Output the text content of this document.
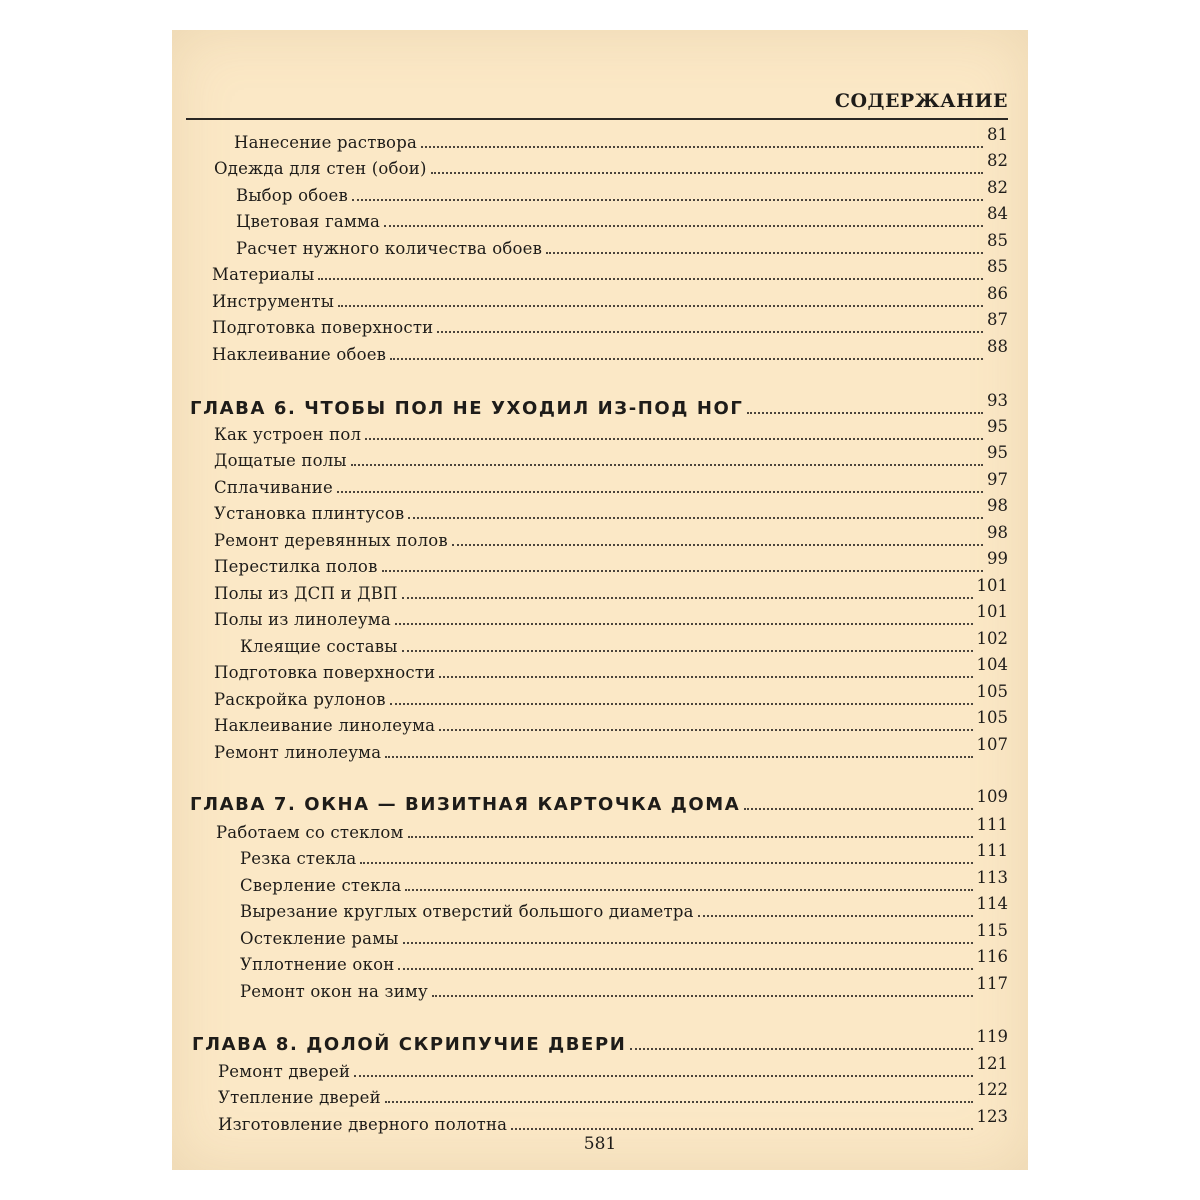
СОДЕРЖАНИЕ
Нанесение раствора	81
Одежда для стен (обои)	82
Выбор обоев	82
Цветовая гамма	84
Расчет нужного количества обоев	85
Материалы	85
Инструменты	86
Подготовка поверхности	87
Наклеивание обоев	88
ГЛАВА 6. ЧТОБЫ ПОЛ НЕ УХОДИЛ ИЗ-ПОД НОГ	93
Как устроен пол	95
Дощатые полы	95
Сплачивание	97
Установка плинтусов	98
Ремонт деревянных полов	98
Перестилка полов	99
Полы из ДСП и ДВП	101
Полы из линолеума	101
Клеящие составы	102
Подготовка поверхности	104
Раскройка рулонов	105
Наклеивание линолеума	105
Ремонт линолеума	107
ГЛАВА 7. ОКНА — ВИЗИТНАЯ КАРТОЧКА ДОМА	109
Работаем со стеклом	111
Резка стекла	111
Сверление стекла	113
Вырезание круглых отверстий большого диаметра	114
Остекление рамы	115
Уплотнение окон	116
Ремонт окон на зиму	117
ГЛАВА 8. ДОЛОЙ СКРИПУЧИЕ ДВЕРИ	119
Ремонт дверей	121
Утепление дверей	122
Изготовление дверного полотна	123
581
